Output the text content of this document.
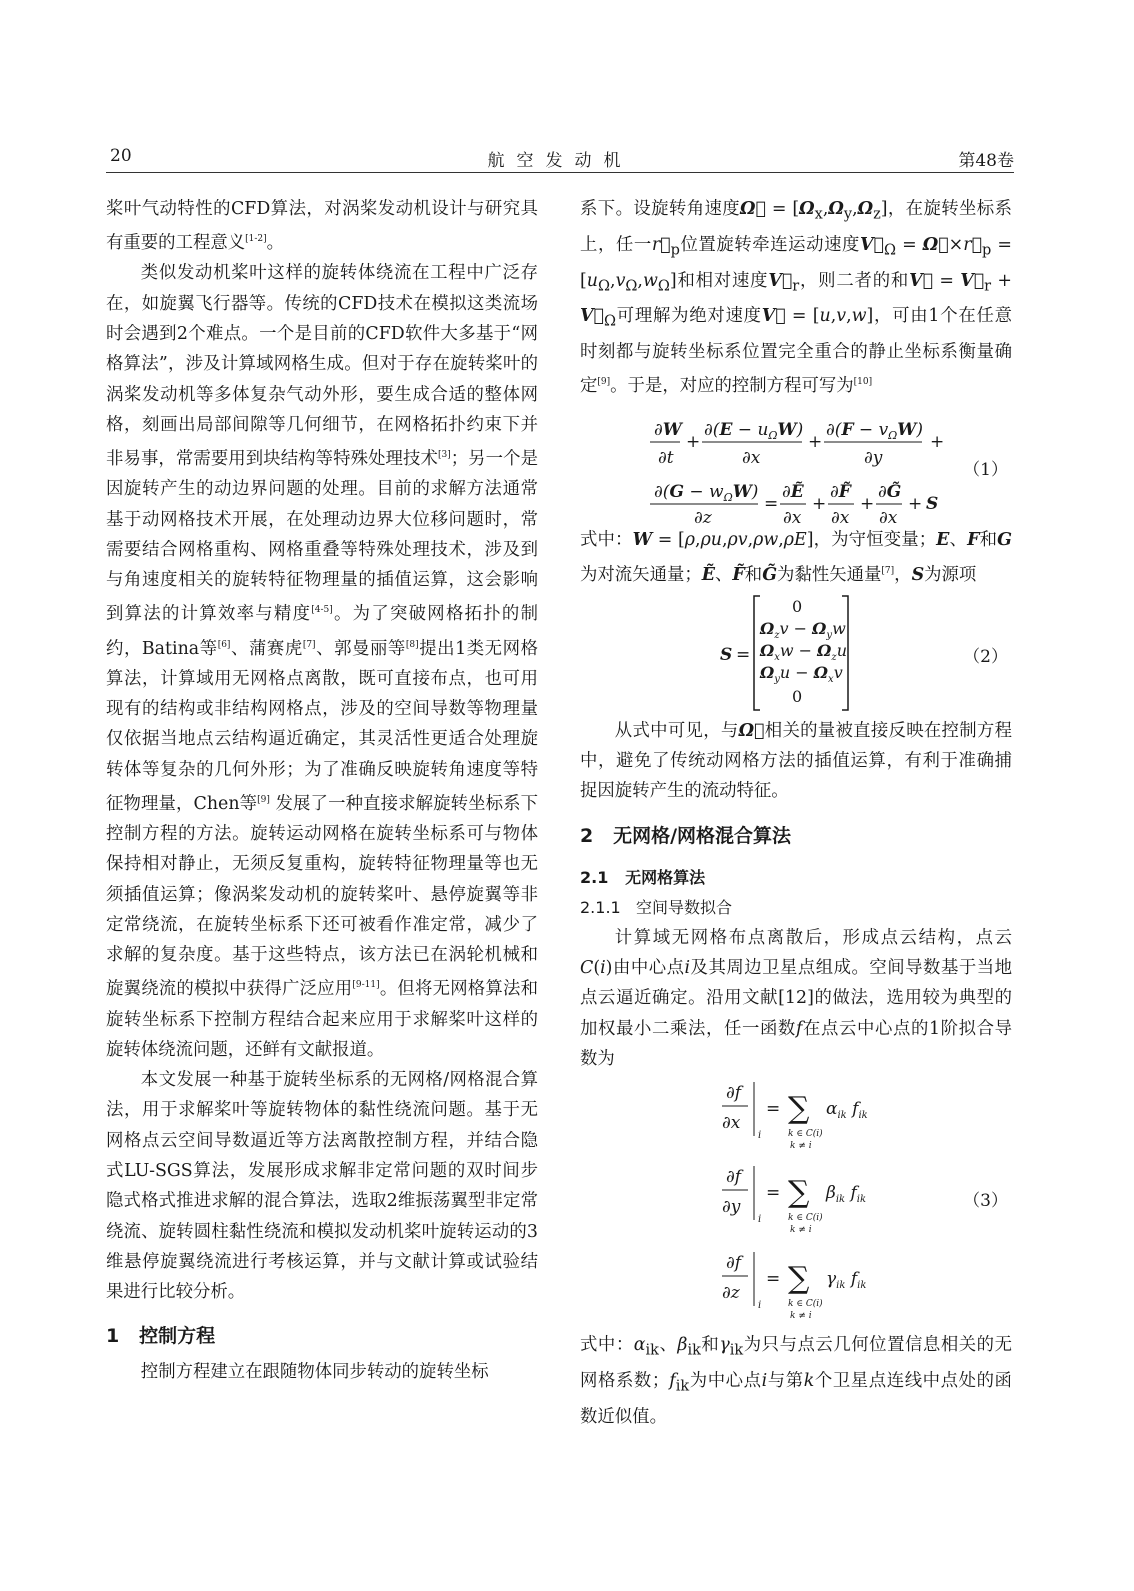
20	航空发动机	第48卷

桨叶气动特性的CFD算法，对涡桨发动机设计与研究具有重要的工程意义[1-2]。

类似发动机桨叶这样的旋转体绕流在工程中广泛存在，如旋翼飞行器等。传统的CFD技术在模拟这类流场时会遇到2个难点。一个是目前的CFD软件大多基于“网格算法”，涉及计算域网格生成。但对于存在旋转桨叶的涡桨发动机等多体复杂气动外形，要生成合适的整体网格，刻画出局部间隙等几何细节，在网格拓扑约束下并非易事，常需要用到块结构等特殊处理技术[3]；另一个是因旋转产生的动边界问题的处理。目前的求解方法通常基于动网格技术开展，在处理动边界大位移问题时，常需要结合网格重构、网格重叠等特殊处理技术，涉及到与角速度相关的旋转特征物理量的插值运算，这会影响到算法的计算效率与精度[4-5]。为了突破网格拓扑的制约，Batina等[6]、蒲赛虎[7]、郭曼丽等[8]提出1类无网格算法，计算域用无网格点离散，既可直接布点，也可用现有的结构或非结构网格点，涉及的空间导数等物理量仅依据当地点云结构逼近确定，其灵活性更适合处理旋转体等复杂的几何外形；为了准确反映旋转角速度等特征物理量，Chen等[9] 发展了一种直接求解旋转坐标系下控制方程的方法。旋转运动网格在旋转坐标系可与物体保持相对静止，无须反复重构，旋转特征物理量等也无须插值运算；像涡桨发动机的旋转桨叶、悬停旋翼等非定常绕流，在旋转坐标系下还可被看作准定常，减少了求解的复杂度。基于这些特点，该方法已在涡轮机械和旋翼绕流的模拟中获得广泛应用[9-11]。但将无网格算法和旋转坐标系下控制方程结合起来应用于求解桨叶这样的旋转体绕流问题，还鲜有文献报道。

本文发展一种基于旋转坐标系的无网格/网格混合算法，用于求解桨叶等旋转物体的黏性绕流问题。基于无网格点云空间导数逼近等方法离散控制方程，并结合隐式LU-SGS算法，发展形成求解非定常问题的双时间步隐式格式推进求解的混合算法，选取2维振荡翼型非定常绕流、旋转圆柱黏性绕流和模拟发动机桨叶旋转运动的3维悬停旋翼绕流进行考核运算，并与文献计算或试验结果进行比较分析。

1 控制方程

控制方程建立在跟随物体同步转动的旋转坐标

系下。设旋转角速度Ω⃗ = $[\Omega_x,\Omega_y,\Omega_z]$，在旋转坐标系上，任一$r⃗_p$位置旋转牵连运动速度$V⃗_\Omega$ = $\Omega⃗\times r⃗_p = [u_\Omega,v_\Omega,w_\Omega]$和相对速度$V⃗_r$，则二者的和V⃗ = $V⃗_r$ + $V⃗_\Omega$可理解为绝对速度V⃗ = [u,v,w]，可由1个在任意时刻都与旋转坐标系位置完全重合的静止坐标系衡量确定[9]。于是，对应的控制方程可写为[10]

∂W
∂t
+
$\partial(E - u_\Omega W)$
∂x
+
$\partial(F - v_\Omega W)$
∂y
+
$\partial(G - w_\Omega W)$
∂z
=
∂Ẽ
∂x
+
∂F̃
∂x
+
∂G̃
∂x
+ S
（1）

式中：W = [ρ,ρu,ρv,ρw,ρE]，为守恒变量；E、F和G为对流矢通量；Ẽ、F̃和G̃为黏性矢通量[7]，S为源项

S =
0
$\Omega_zv - \Omega_yw$
$\Omega_xw - \Omega_zu$
$\Omega_yu - \Omega_xv$
0
（2）

从式中可见，与Ω⃗相关的量被直接反映在控制方程中，避免了传统动网格方法的插值运算，有利于准确捕捉因旋转产生的流动特征。

2 无网格/网格混合算法

2.1 无网格算法

2.1.1 空间导数拟合

计算域无网格布点离散后，形成点云结构，点云C(i)由中心点i及其周边卫星点组成。空间导数基于当地点云逼近确定。沿用文献[12]的做法，选用较为典型的加权最小二乘法，任一函数f在点云中心点的1阶拟合导数为

∂f
∂x
i
= ∑
k ∈ C(i)
k ≠ i
$\alpha_{ik}$ $f_{ik}$
∂f
∂y
i
= ∑
k ∈ C(i)
k ≠ i
$\beta_{ik}$ $f_{ik}$
∂f
∂z
i
= ∑
k ∈ C(i)
k ≠ i
$\gamma_{ik}$ $f_{ik}$
（3）

式中：$\alpha_{ik}$、$\beta_{ik}$和$\gamma_{ik}$为只与点云几何位置信息相关的无网格系数；$f_{ik}$为中心点i与第k个卫星点连线中点处的函数近似值。
